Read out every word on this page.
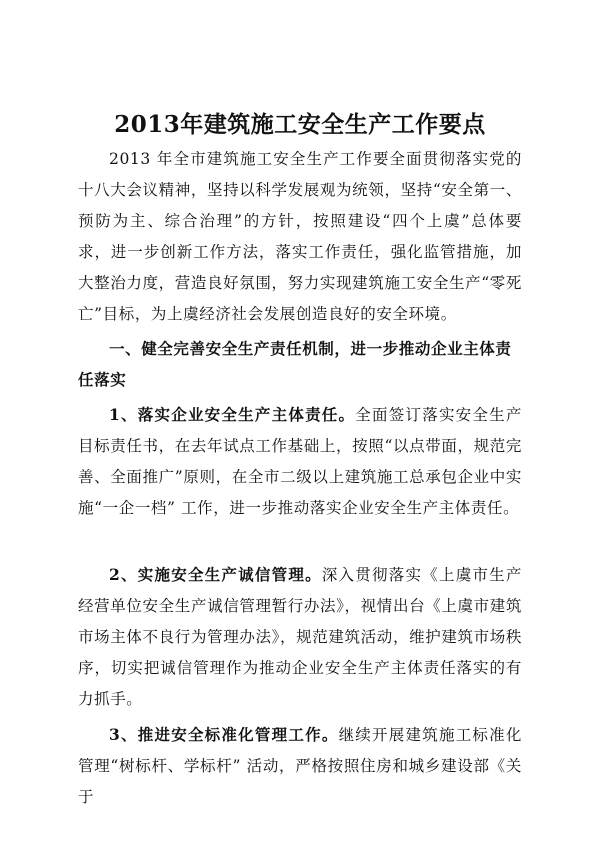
2013年建筑施工安全生产工作要点

2013 年全市建筑施工安全生产工作要全面贯彻落实党的十八大会议精神，坚持以科学发展观为统领，坚持“安全第一、预防为主、综合治理”的方针，按照建设“四个上虞”总体要求，进一步创新工作方法，落实工作责任，强化监管措施，加大整治力度，营造良好氛围，努力实现建筑施工安全生产“零死亡”目标，为上虞经济社会发展创造良好的安全环境。

一、健全完善安全生产责任机制，进一步推动企业主体责任落实

1、落实企业安全生产主体责任。全面签订落实安全生产目标责任书，在去年试点工作基础上，按照“以点带面，规范完善、全面推广”原则，在全市二级以上建筑施工总承包企业中实施“一企一档” 工作，进一步推动落实企业安全生产主体责任。

2、实施安全生产诚信管理。深入贯彻落实《上虞市生产经营单位安全生产诚信管理暂行办法》，视情出台《上虞市建筑市场主体不良行为管理办法》，规范建筑活动，维护建筑市场秩序，切实把诚信管理作为推动企业安全生产主体责任落实的有力抓手。

3、推进安全标准化管理工作。继续开展建筑施工标准化管理“树标杆、学标杆” 活动，严格按照住房和城乡建设部《关于
